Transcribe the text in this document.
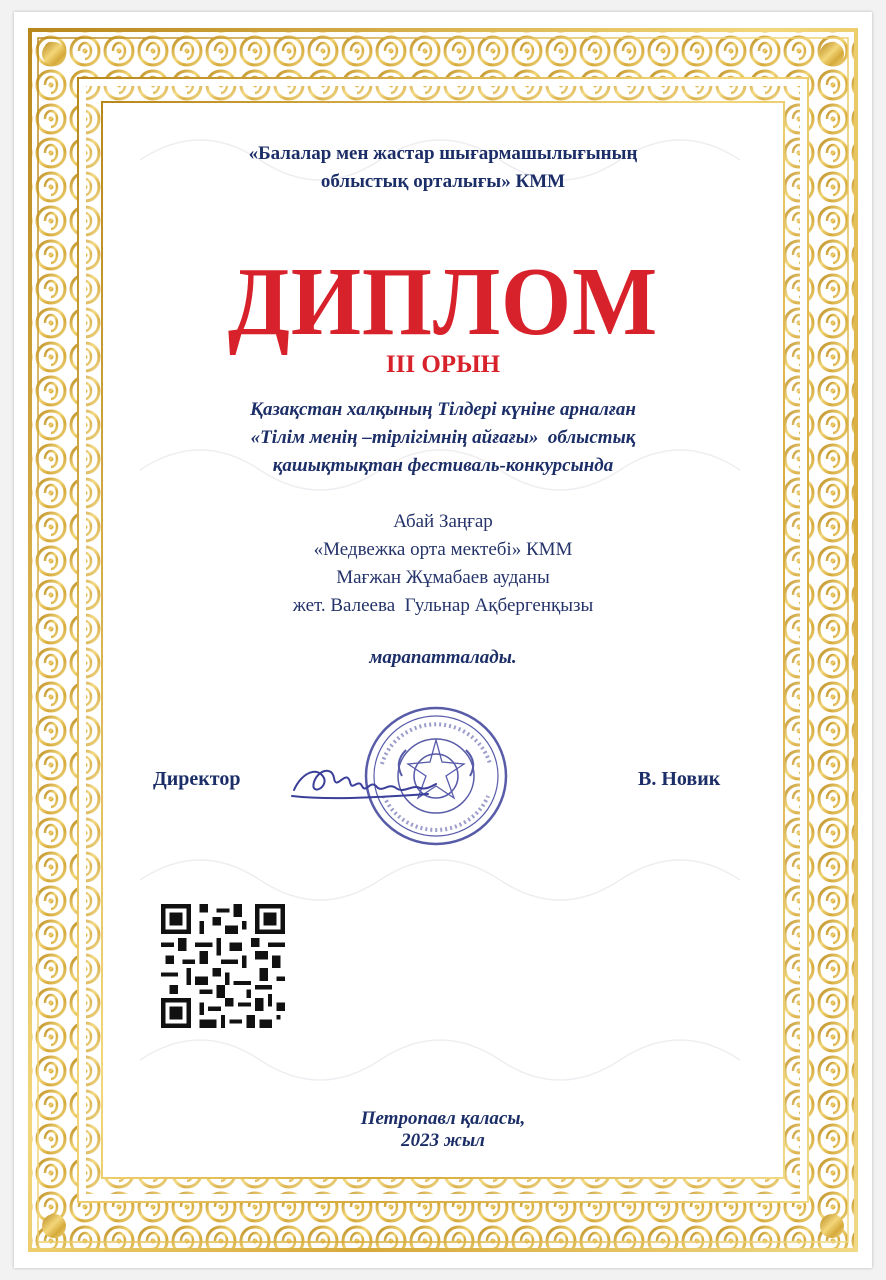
«Балалар мен жастар шығармашылығының
облыстық орталығы» КММ
ДИПЛОМ
ІІІ ОРЫН
Қазақстан халқының Тілдері күніне арналған
«Тілім менің –тірлігімнің айғағы»  облыстық
қашықтықтан фестиваль-конкурсында
Абай Заңғар
«Медвежка орта мектебі» КММ
Мағжан Жұмабаев ауданы
жет. Валеева  Гульнар Ақбергенқызы
марапатталады.
Директор	В. Новик
Петропавл қаласы,
2023 жыл
